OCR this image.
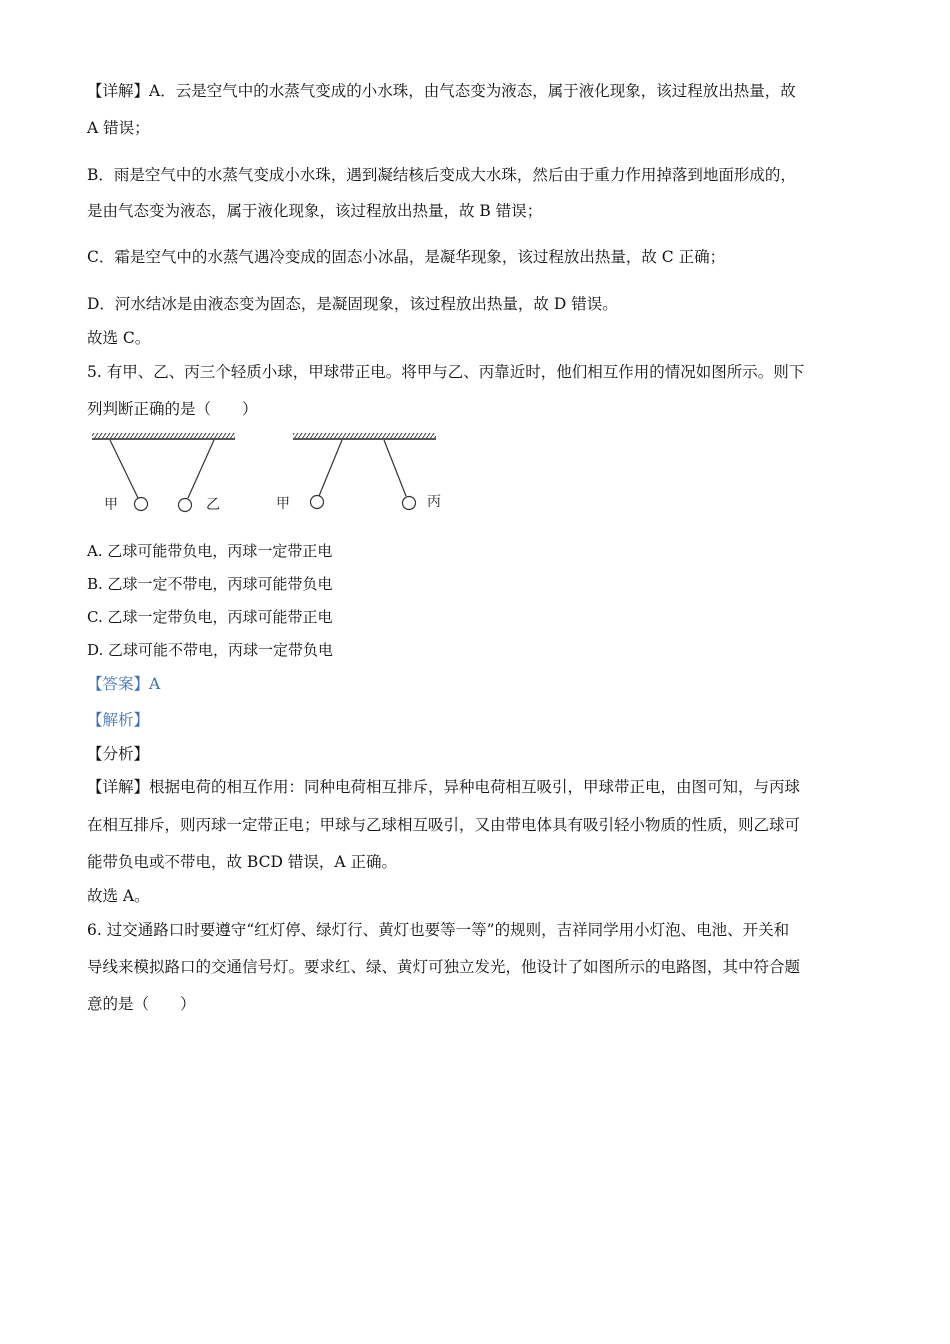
【详解】A．云是空气中的水蒸气变成的小水珠，由气态变为液态，属于液化现象，该过程放出热量，故

A 错误；

B．雨是空气中的水蒸气变成小水珠，遇到凝结核后变成大水珠，然后由于重力作用掉落到地面形成的，

是由气态变为液态，属于液化现象，该过程放出热量，故 B 错误；

C．霜是空气中的水蒸气遇冷变成的固态小冰晶，是凝华现象，该过程放出热量，故 C 正确；

D．河水结冰是由液态变为固态，是凝固现象，该过程放出热量，故 D 错误。

故选 C。

5. 有甲、乙、丙三个轻质小球，甲球带正电。将甲与乙、丙靠近时，他们相互作用的情况如图所示。则下

列判断正确的是（　　）

甲	乙	甲	丙

A. 乙球可能带负电，丙球一定带正电

B. 乙球一定不带电，丙球可能带负电

C. 乙球一定带负电，丙球可能带正电

D. 乙球可能不带电，丙球一定带负电

【答案】A

【解析】

【分析】

【详解】根据电荷的相互作用：同种电荷相互排斥，异种电荷相互吸引，甲球带正电，由图可知，与丙球

在相互排斥，则丙球一定带正电；甲球与乙球相互吸引，又由带电体具有吸引轻小物质的性质，则乙球可

能带负电或不带电，故 BCD 错误，A 正确。

故选 A。

6. 过交通路口时要遵守“红灯停、绿灯行、黄灯也要等一等”的规则，吉祥同学用小灯泡、电池、开关和

导线来模拟路口的交通信号灯。要求红、绿、黄灯可独立发光，他设计了如图所示的电路图，其中符合题

意的是（　　）
